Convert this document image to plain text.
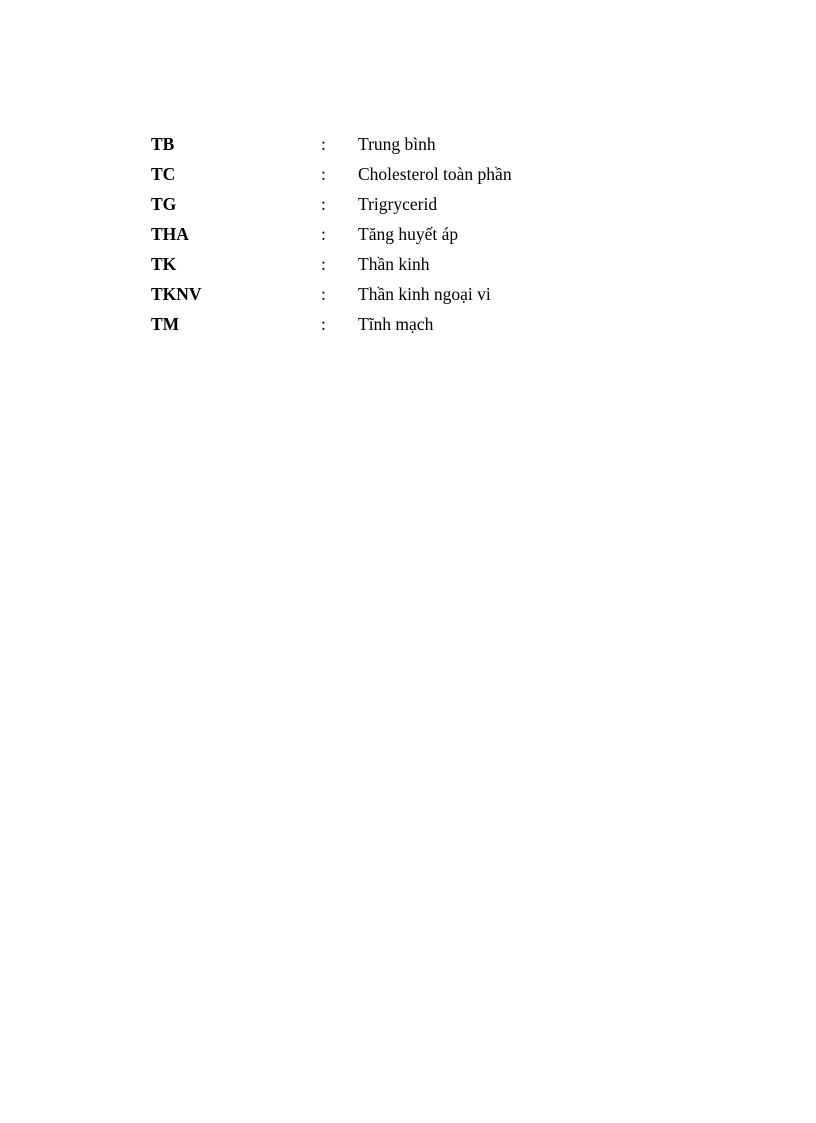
TB	: Trung bình
TC	: Cholesterol toàn phần
TG	: Trigrycerid
THA	: Tăng huyết áp
TK	: Thần kinh
TKNV	: Thần kinh ngoại vi
TM	: Tĩnh mạch
